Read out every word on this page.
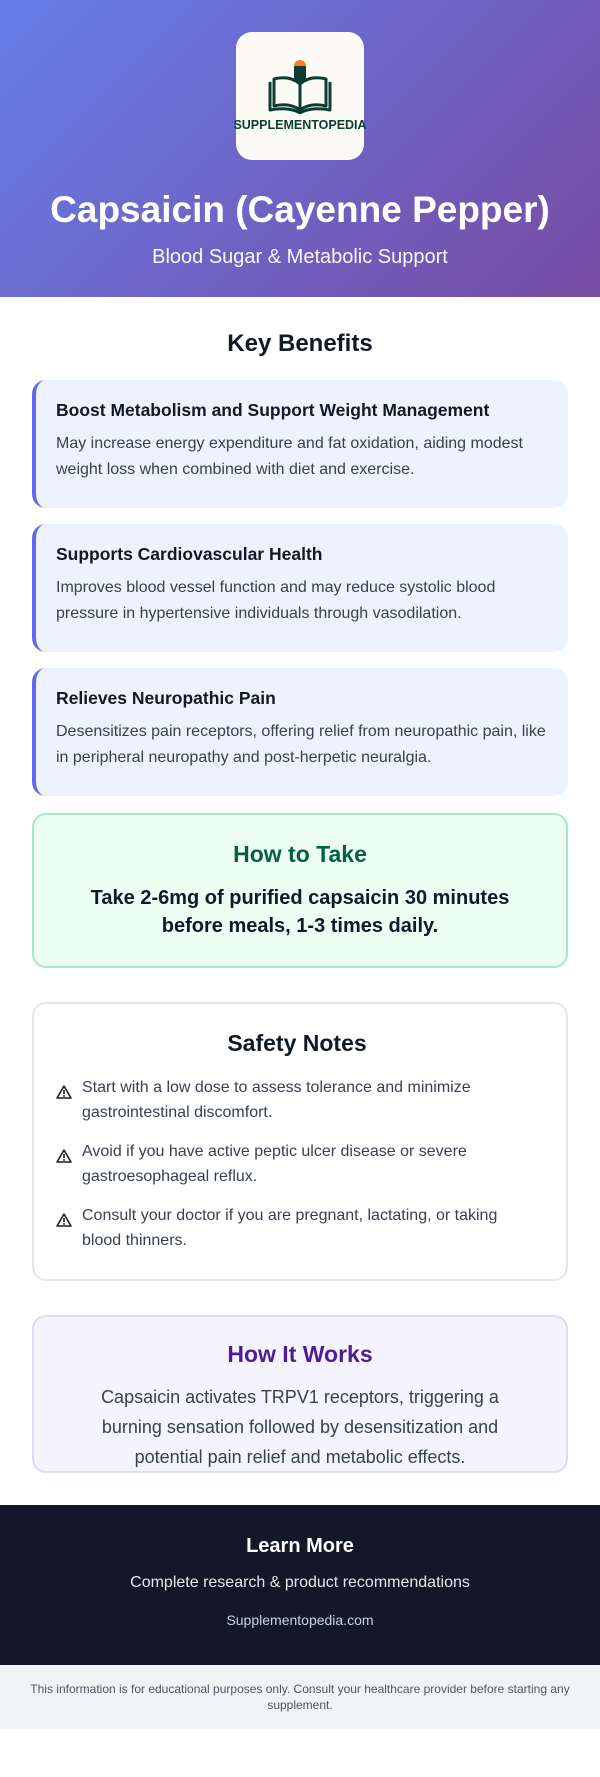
SUPPLEMENTOPEDIA
Capsaicin (Cayenne Pepper)
Blood Sugar & Metabolic Support
Key Benefits
Boost Metabolism and Support Weight Management
May increase energy expenditure and fat oxidation, aiding modest weight loss when combined with diet and exercise.
Supports Cardiovascular Health
Improves blood vessel function and may reduce systolic blood pressure in hypertensive individuals through vasodilation.
Relieves Neuropathic Pain
Desensitizes pain receptors, offering relief from neuropathic pain, like in peripheral neuropathy and post-herpetic neuralgia.
How to Take
Take 2-6mg of purified capsaicin 30 minutes before meals, 1-3 times daily.
Safety Notes
Start with a low dose to assess tolerance and minimize gastrointestinal discomfort.
Avoid if you have active peptic ulcer disease or severe gastroesophageal reflux.
Consult your doctor if you are pregnant, lactating, or taking blood thinners.
How It Works
Capsaicin activates TRPV1 receptors, triggering a burning sensation followed by desensitization and potential pain relief and metabolic effects.
Learn More
Complete research & product recommendations
Supplementopedia.com
This information is for educational purposes only. Consult your healthcare provider before starting any supplement.
